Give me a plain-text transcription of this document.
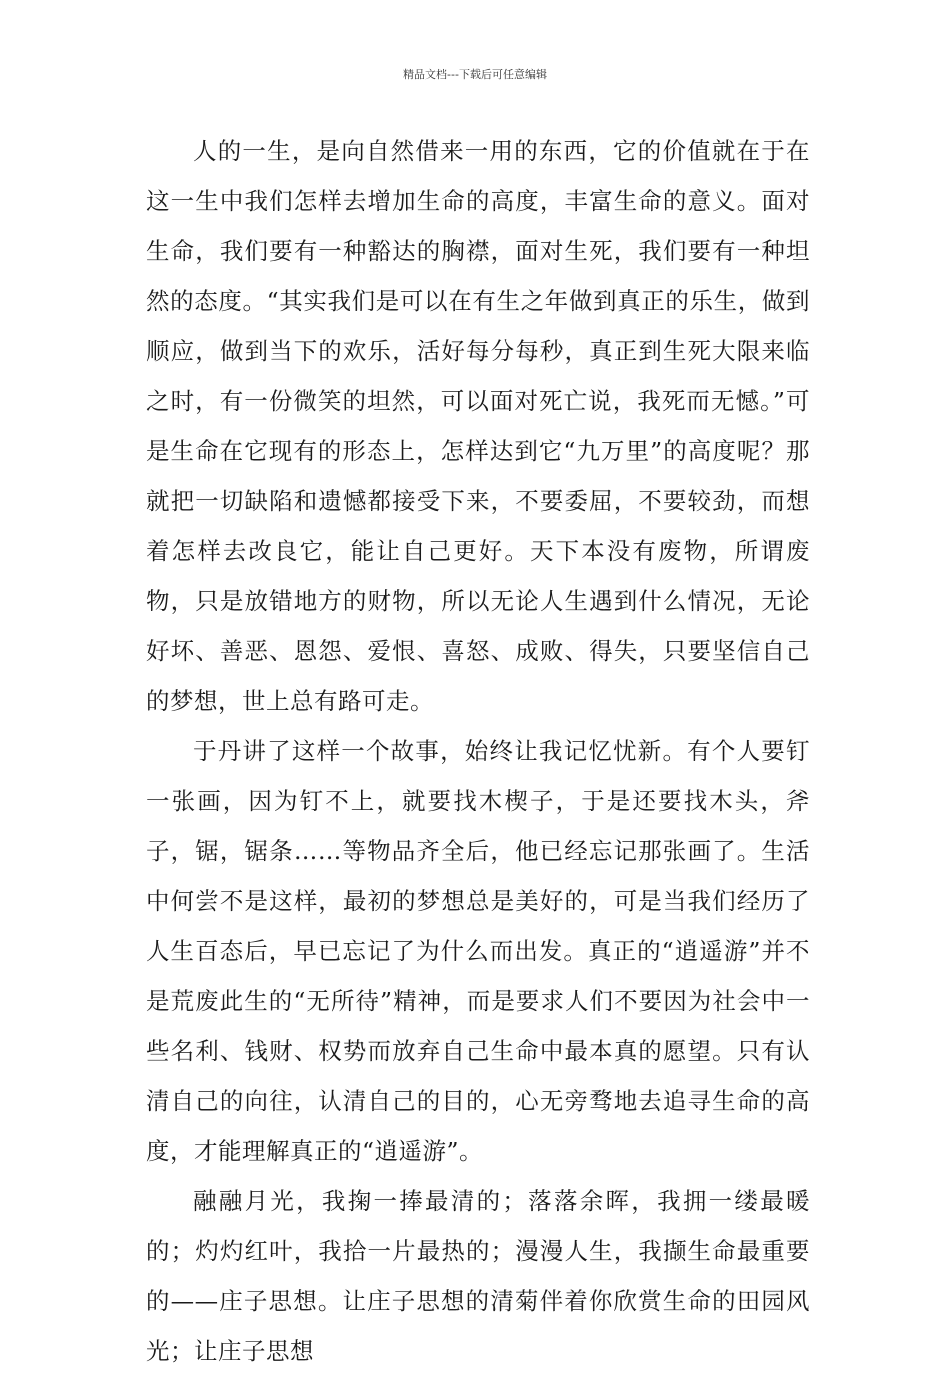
精品文档---下载后可任意编辑

人的一生，是向自然借来一用的东西，它的价值就在于在这一生中我们怎样去增加生命的高度，丰富生命的意义。面对生命，我们要有一种豁达的胸襟，面对生死，我们要有一种坦然的态度。“其实我们是可以在有生之年做到真正的乐生，做到顺应，做到当下的欢乐，活好每分每秒，真正到生死大限来临之时，有一份微笑的坦然，可以面对死亡说，我死而无憾。”可是生命在它现有的形态上，怎样达到它“九万里”的高度呢？那就把一切缺陷和遗憾都接受下来，不要委屈，不要较劲，而想着怎样去改良它，能让自己更好。天下本没有废物，所谓废物，只是放错地方的财物，所以无论人生遇到什么情况，无论好坏、善恶、恩怨、爱恨、喜怒、成败、得失，只要坚信自己的梦想，世上总有路可走。

于丹讲了这样一个故事，始终让我记忆忧新。有个人要钉一张画，因为钉不上，就要找木楔子，于是还要找木头，斧子，锯，锯条……等物品齐全后，他已经忘记那张画了。生活中何尝不是这样，最初的梦想总是美好的，可是当我们经历了人生百态后，早已忘记了为什么而出发。真正的“逍遥游”并不是荒废此生的“无所待”精神，而是要求人们不要因为社会中一些名利、钱财、权势而放弃自己生命中最本真的愿望。只有认清自己的向往，认清自己的目的，心无旁骛地去追寻生命的高度，才能理解真正的“逍遥游”。

融融月光，我掬一捧最清的；落落余晖，我拥一缕最暖的；灼灼红叶，我拾一片最热的；漫漫人生，我撷生命最重要的——庄子思想。让庄子思想的清菊伴着你欣赏生命的田园风光；让庄子思想
